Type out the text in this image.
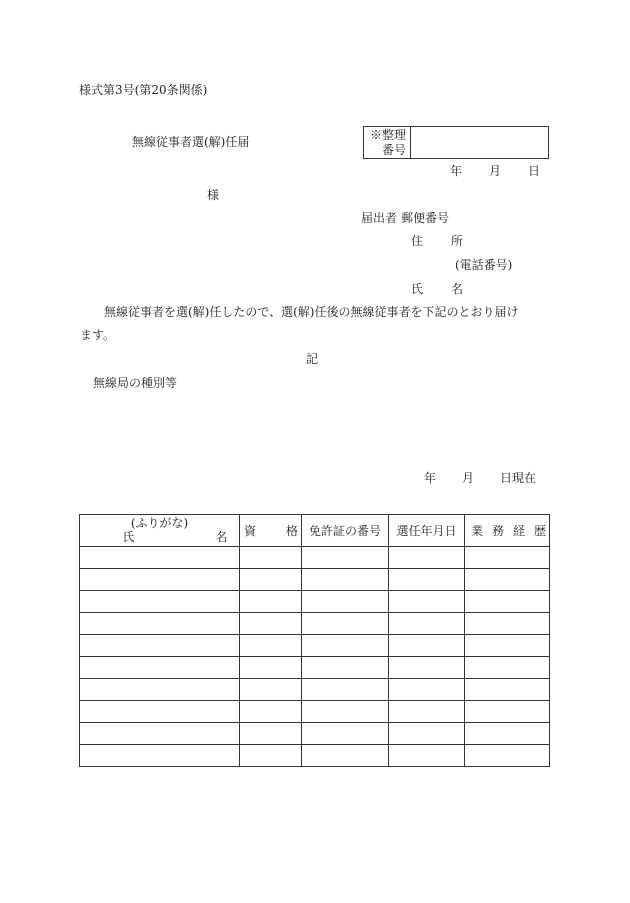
様式第3号(第20条関係)
無線従事者選(解)任届	※整理
番号
年 月 日
様
届出者 郵便番号
住所
(電話番号)
氏名
無線従事者を選(解)任したので、選(解)任後の無線従事者を下記のとおり届け
ます。
記
無線局の種別等
年 月 日現在
(ふりがな)
氏名	資格	免許証の番号	選任年月日	業務経歴
